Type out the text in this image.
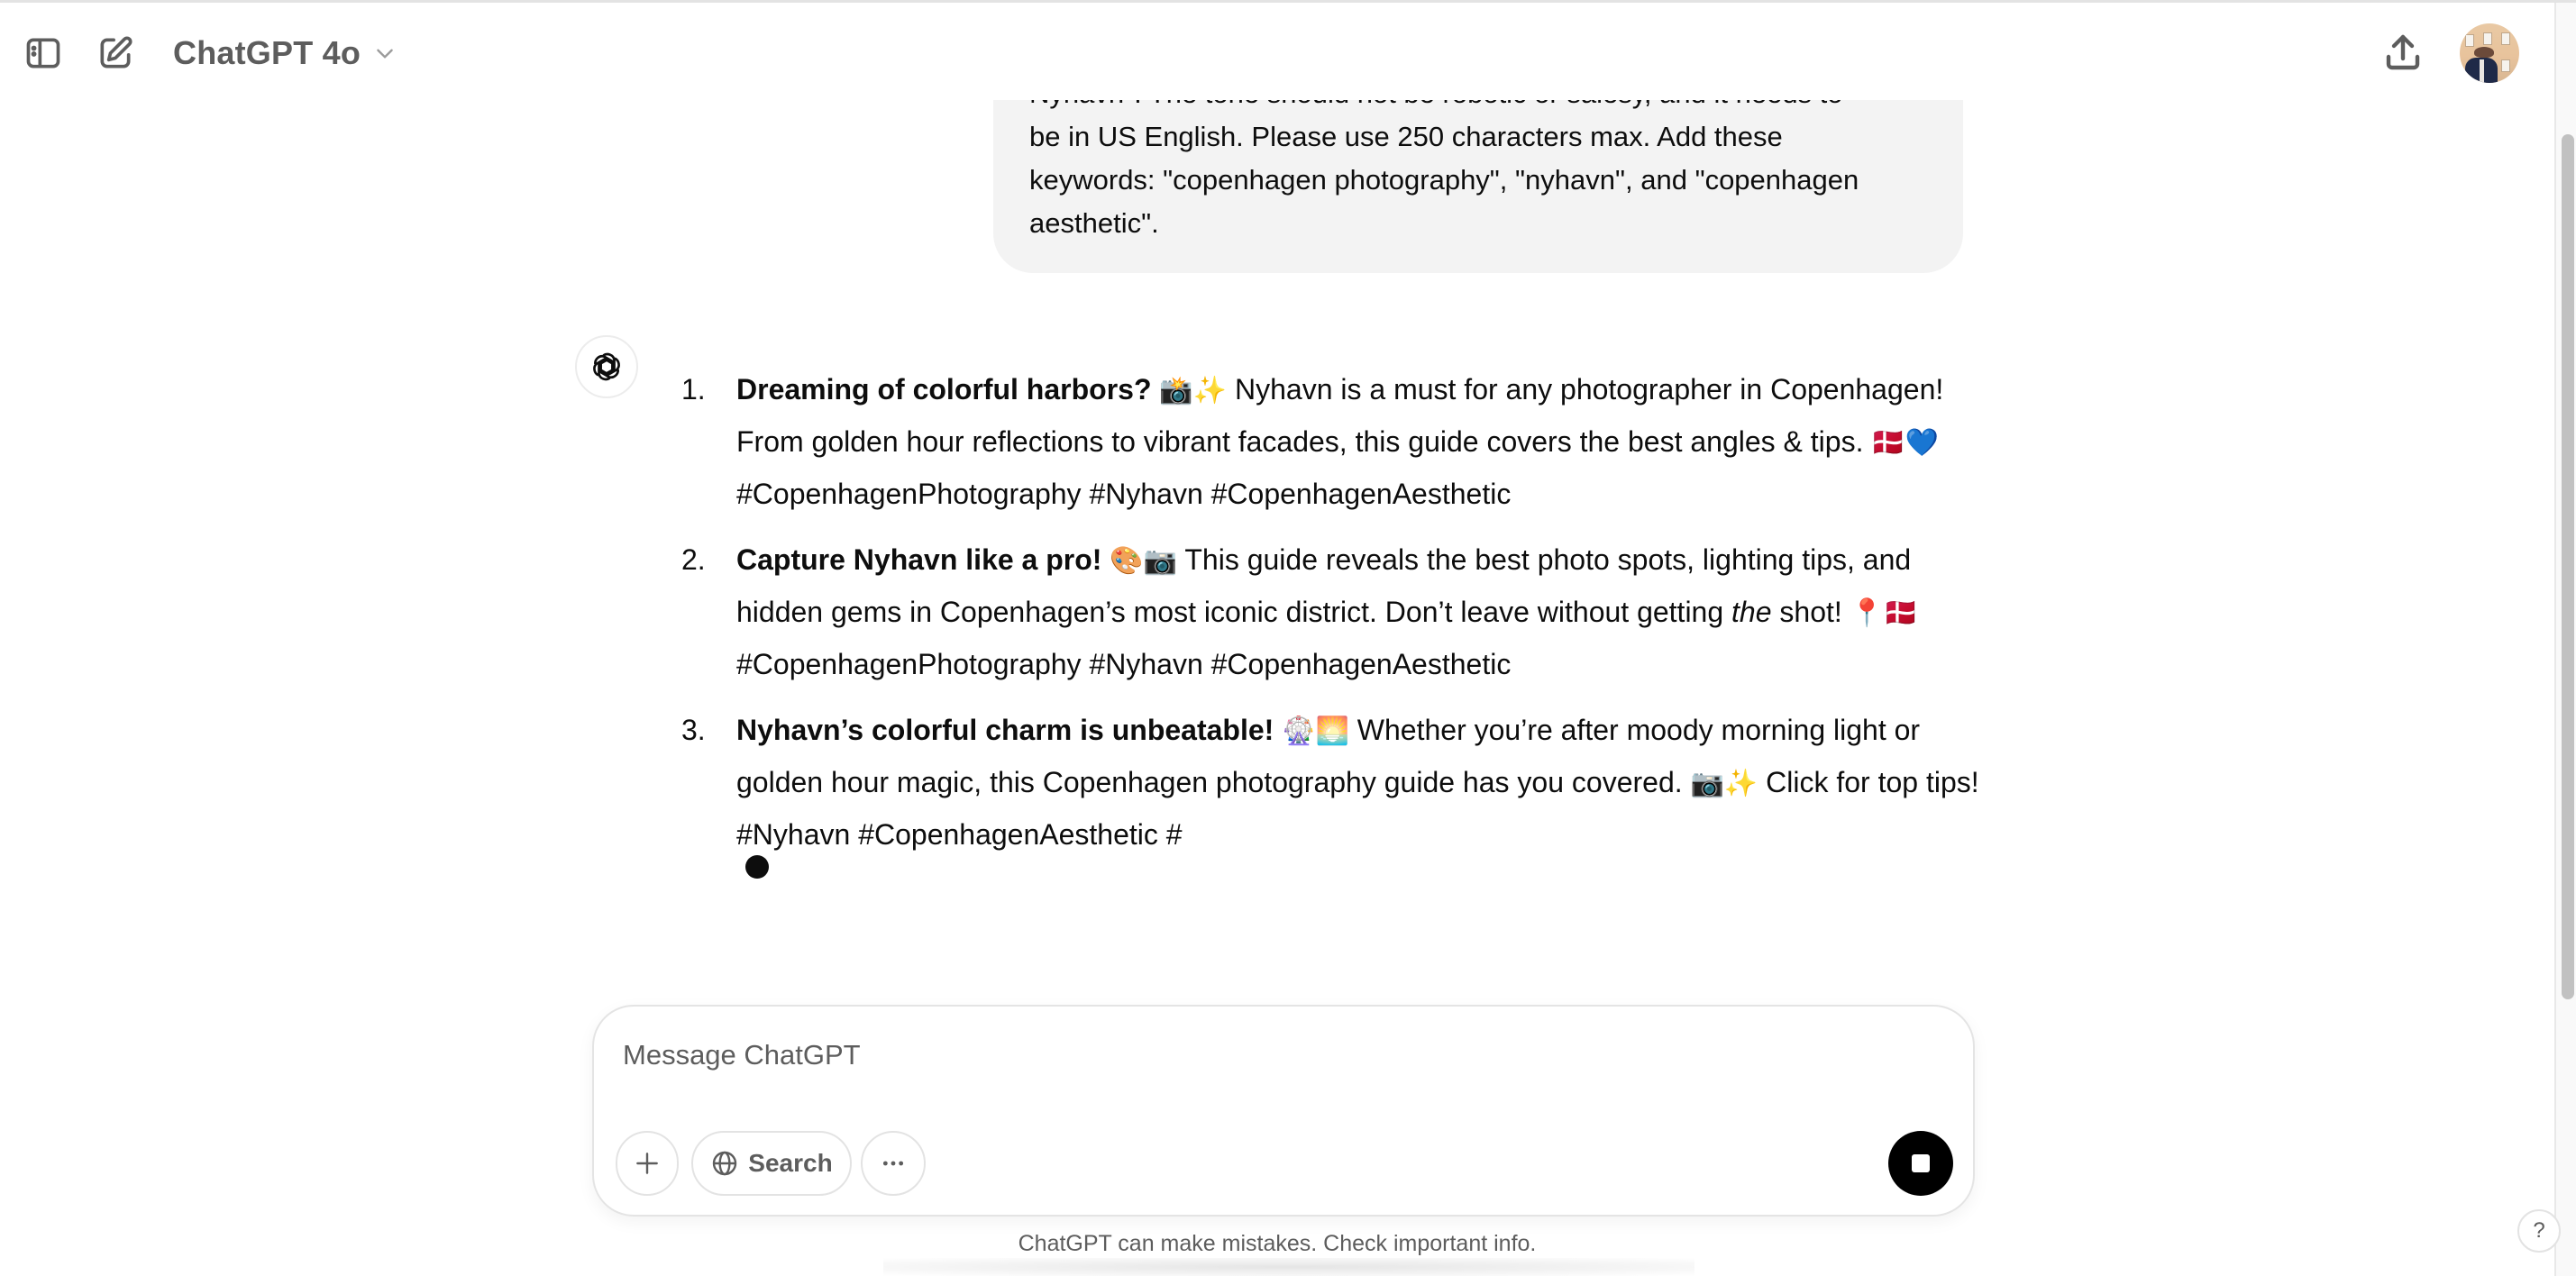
be in US English. Please use 250 characters max. Add these
keywords: "copenhagen photography", "nyhavn", and "copenhagen
aesthetic".
1.	Dreaming of colorful harbors? 📸✨ Nyhavn is a must for any photographer in Copenhagen! From golden hour reflections to vibrant facades, this guide covers the best angles & tips. 🇩🇰💙 #CopenhagenPhotography #Nyhavn #CopenhagenAesthetic
2.	Capture Nyhavn like a pro! 🎨📷 This guide reveals the best photo spots, lighting tips, and hidden gems in Copenhagen’s most iconic district. Don’t leave without getting the shot! 📍🇩🇰 #CopenhagenPhotography #Nyhavn #CopenhagenAesthetic
3.	Nyhavn’s colorful charm is unbeatable! 🎡🌅 Whether you’re after moody morning light or golden hour magic, this Copenhagen photography guide has you covered. 📷✨ Click for top tips! #Nyhavn #CopenhagenAesthetic #
ChatGPT 4o
Message ChatGPT
Search
ChatGPT can make mistakes. Check important info.
?
